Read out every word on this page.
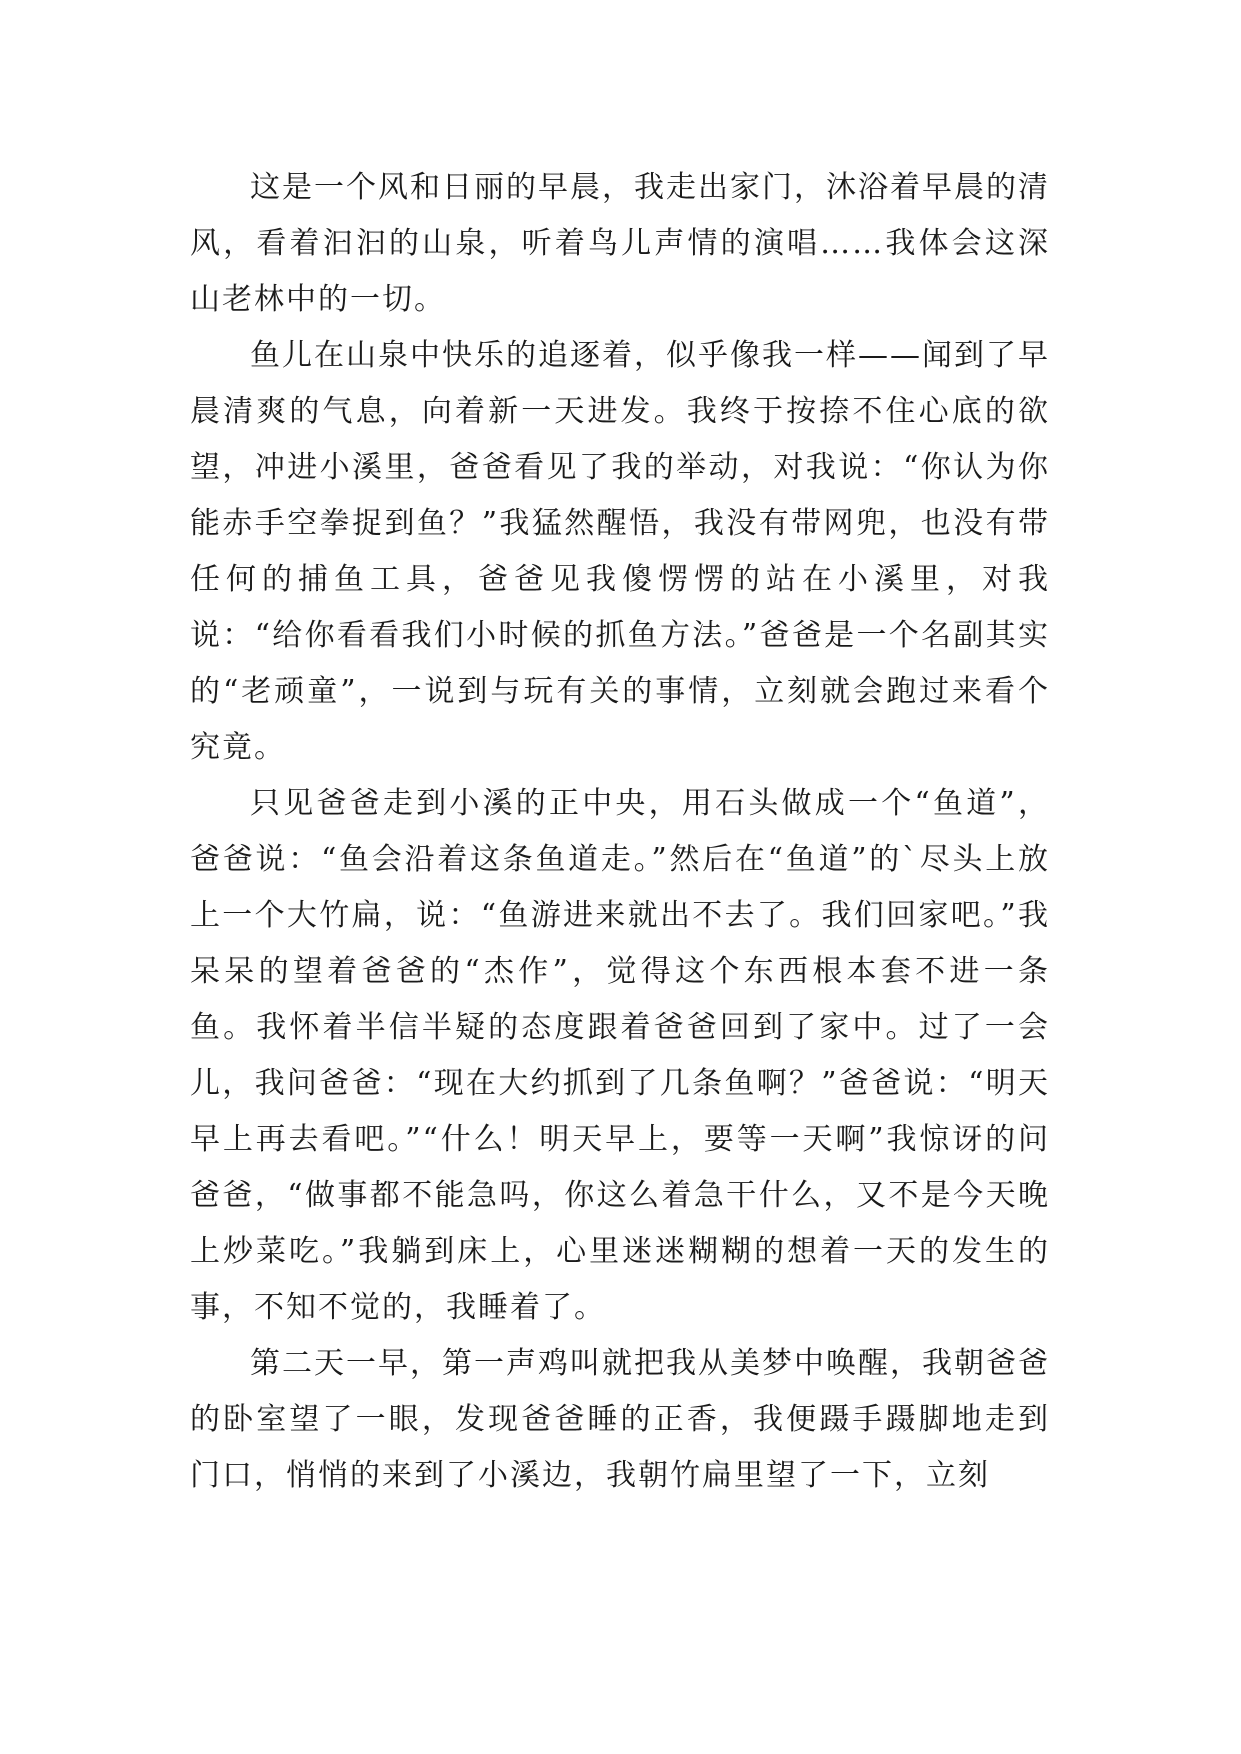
这是一个风和日丽的早晨，我走出家门，沐浴着早晨的清风，看着汩汩的山泉，听着鸟儿声情的演唱……我体会这深山老林中的一切。

鱼儿在山泉中快乐的追逐着，似乎像我一样——闻到了早晨清爽的气息，向着新一天进发。我终于按捺不住心底的欲望，冲进小溪里，爸爸看见了我的举动，对我说：“你认为你能赤手空拳捉到鱼？”我猛然醒悟，我没有带网兜，也没有带任何的捕鱼工具，爸爸见我傻愣愣的站在小溪里，对我说：“给你看看我们小时候的抓鱼方法。”爸爸是一个名副其实的“老顽童”，一说到与玩有关的事情，立刻就会跑过来看个究竟。

只见爸爸走到小溪的正中央，用石头做成一个“鱼道”，爸爸说：“鱼会沿着这条鱼道走。”然后在“鱼道”的`尽头上放上一个大竹扁，说：“鱼游进来就出不去了。我们回家吧。”我呆呆的望着爸爸的“杰作”，觉得这个东西根本套不进一条鱼。我怀着半信半疑的态度跟着爸爸回到了家中。过了一会儿，我问爸爸：“现在大约抓到了几条鱼啊？”爸爸说：“明天早上再去看吧。”“什么！明天早上，要等一天啊”我惊讶的问爸爸，“做事都不能急吗，你这么着急干什么，又不是今天晚上炒菜吃。”我躺到床上，心里迷迷糊糊的想着一天的发生的事，不知不觉的，我睡着了。

第二天一早，第一声鸡叫就把我从美梦中唤醒，我朝爸爸的卧室望了一眼，发现爸爸睡的正香，我便蹑手蹑脚地走到门口，悄悄的来到了小溪边，我朝竹扁里望了一下，立刻
